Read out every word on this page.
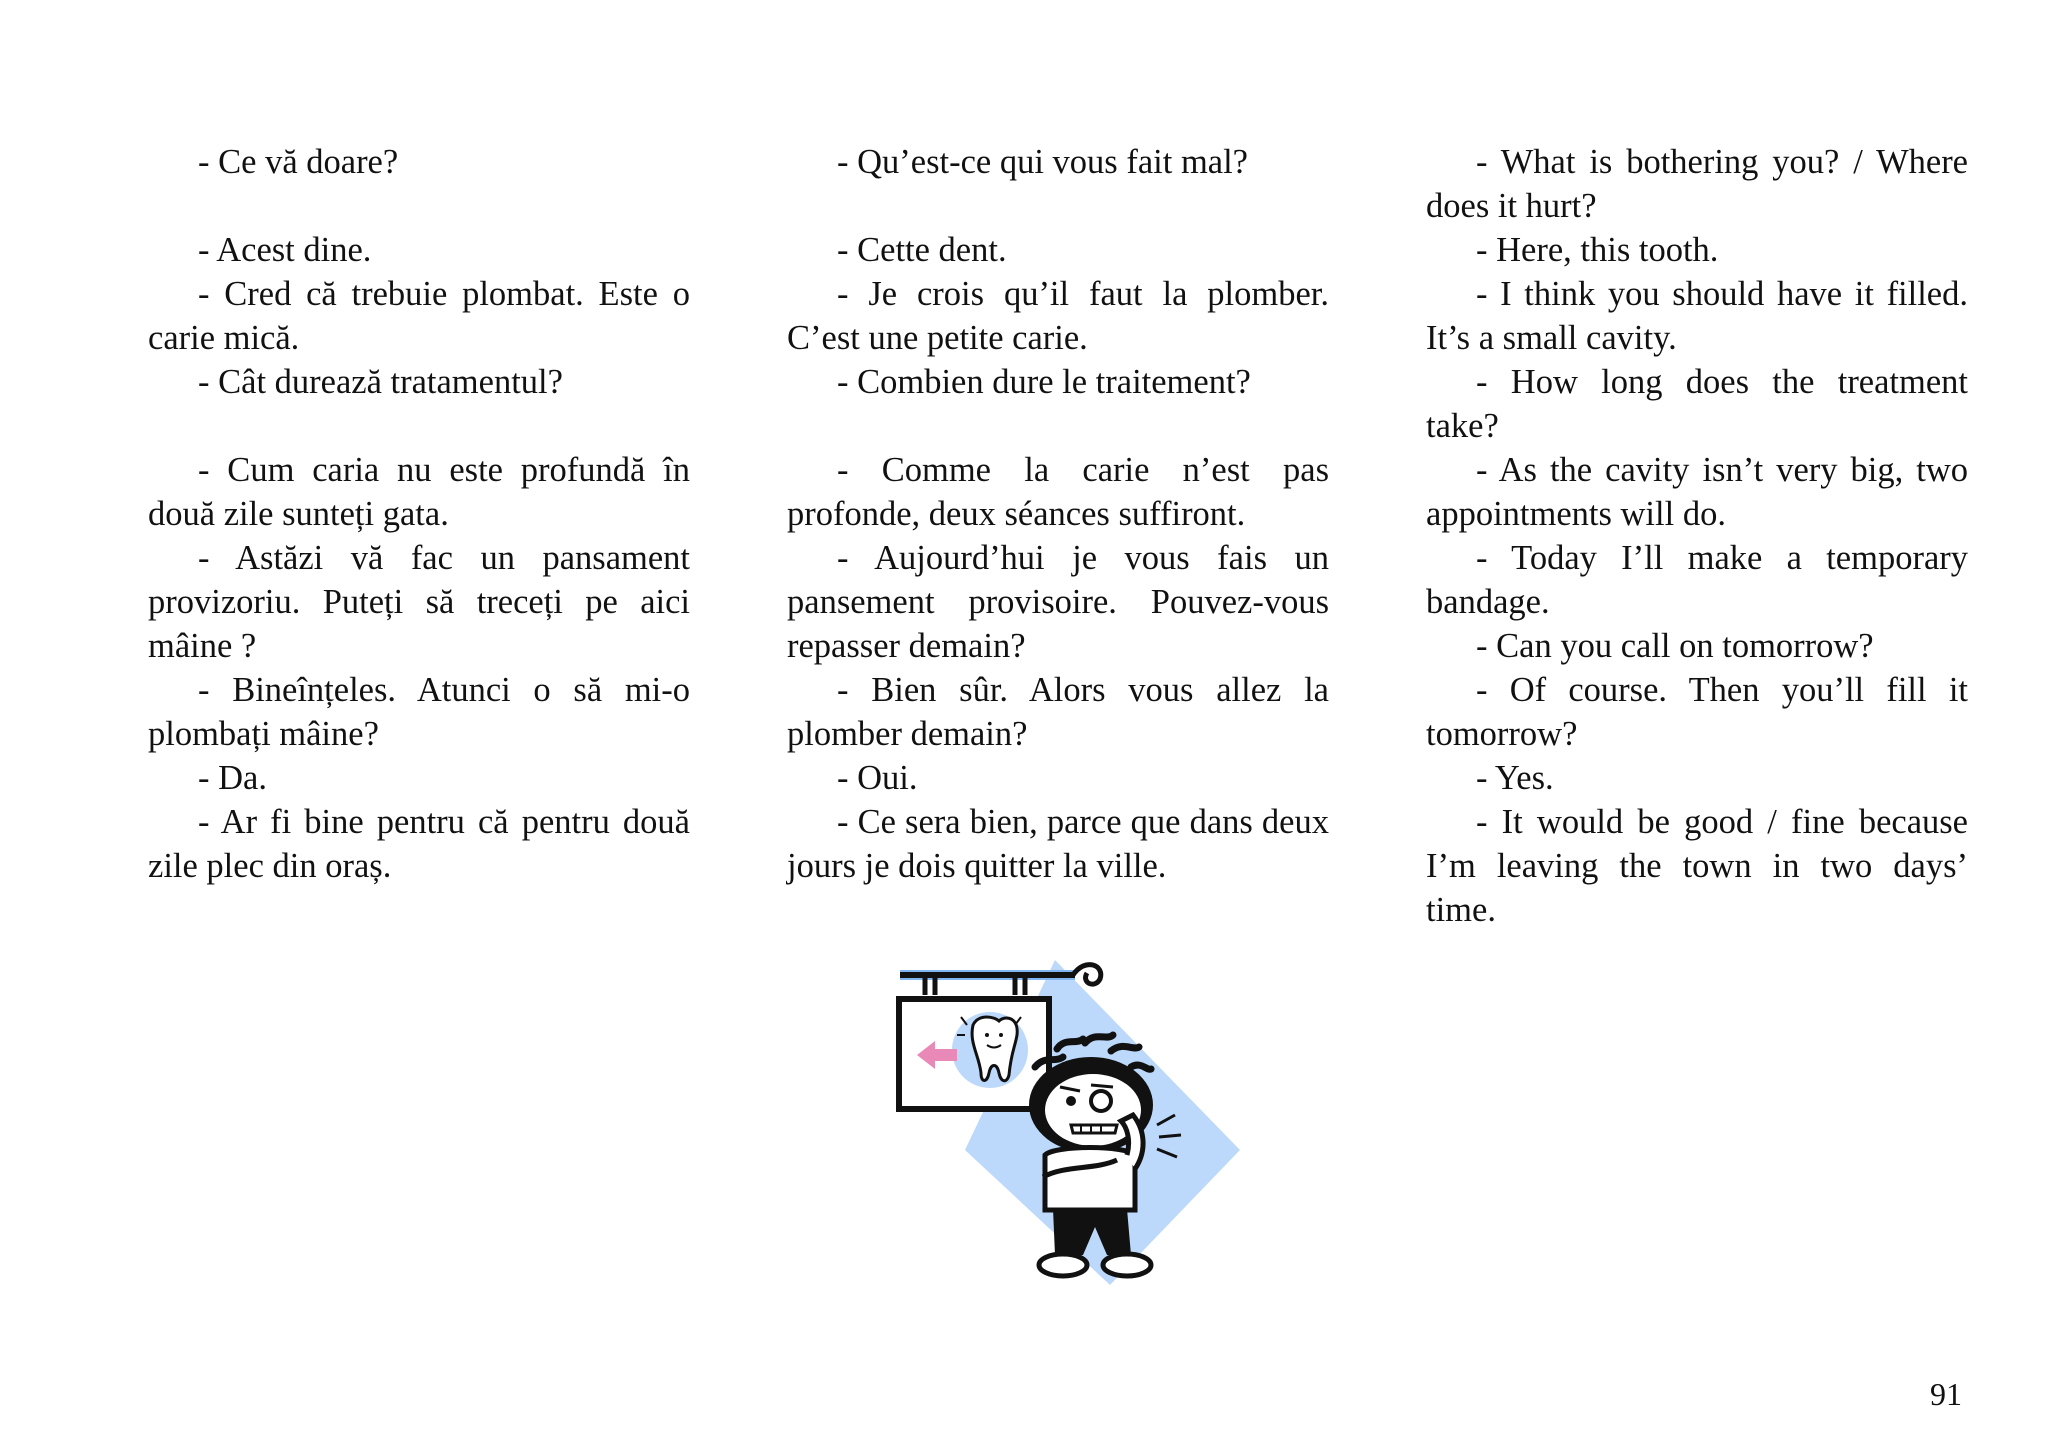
- Ce vă doare?

- Acest dine.

- Cred că trebuie plombat. Este o carie mică.

- Cât durează tratamentul?

- Cum caria nu este profundă în două zile sunteți gata.

- Astăzi vă fac un pansament provizoriu. Puteți să treceți pe aici mâine ?

- Bineînțeles. Atunci o să mi-o plombați mâine?

- Da.

- Ar fi bine pentru că pentru două zile plec din oraș.

- Qu’est-ce qui vous fait mal?

- Cette dent.

- Je crois qu’il faut la plomber. C’est une petite carie.

- Combien dure le traitement?

- Comme la carie n’est pas profonde, deux séances suffiront.

- Aujourd’hui je vous fais un pansement provisoire. Pouvez-vous repasser demain?

- Bien sûr. Alors vous allez la plomber demain?

- Oui.

- Ce sera bien, parce que dans deux jours je dois quitter la ville.

- What is bothering you? / Where does it hurt?

- Here, this tooth.

- I think you should have it filled. It’s a small cavity.

- How long does the treatment take?

- As the cavity isn’t very big, two appointments will do.

- Today I’ll make a temporary bandage.

- Can you call on tomorrow?

- Of course. Then you’ll fill it tomorrow?

- Yes.

- It would be good / fine because I’m leaving the town in two days’ time.

91
